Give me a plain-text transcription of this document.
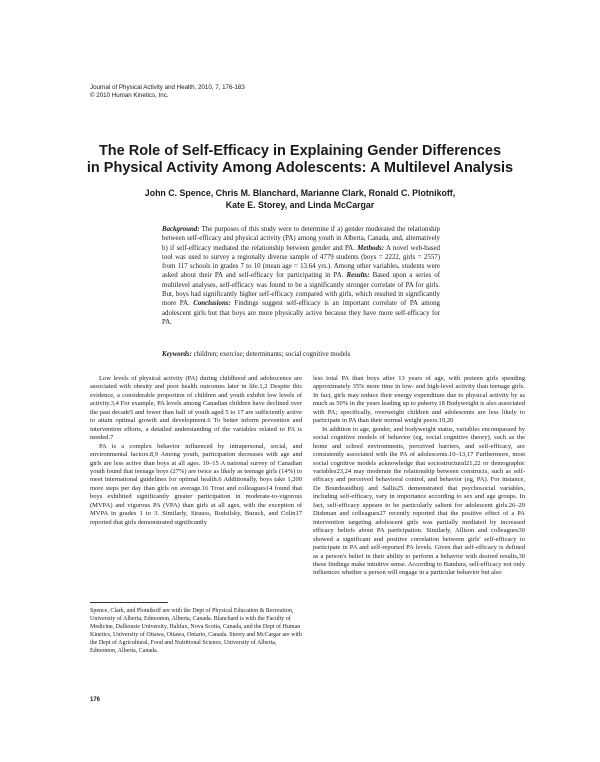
Journal of Physical Activity and Health, 2010, 7, 176-183
© 2010 Human Kinetics, Inc.
The Role of Self-Efficacy in Explaining Gender Differences
in Physical Activity Among Adolescents: A Multilevel Analysis
John C. Spence, Chris M. Blanchard, Marianne Clark, Ronald C. Plotnikoff,
Kate E. Storey, and Linda McCargar
Background: The purposes of this study were to determine if a) gender moderated the relationship between self-efficacy and physical activity (PA) among youth in Alberta, Canada, and, alternatively b) if self-efficacy mediated the relationship between gender and PA. Methods: A novel web-based tool was used to survey a regionally diverse sample of 4779 students (boys = 2222, girls = 2557) from 117 schools in grades 7 to 10 (mean age = 13.64 yrs.). Among other variables, students were asked about their PA and self-efficacy for participating in PA. Results: Based upon a series of multilevel analyses, self-efficacy was found to be a significantly stronger correlate of PA for girls. But, boys had significantly higher self-efficacy compared with girls, which resulted in significantly more PA. Conclusions: Findings suggest self-efficacy is an important correlate of PA among adolescent girls but that boys are more physically active because they have more self-efficacy for PA.
Keywords: children; exercise; determinants; social cognitive models

Low levels of physical activity (PA) during childhood and adolescence are associated with obesity and poor health outcomes later in life.1,2 Despite this evidence, a considerable proportion of children and youth exhibit low levels of activity.3,4 For example, PA levels among Canadian children have declined over the past decade5 and fewer than half of youth aged 5 to 17 are sufficiently active to attain optimal growth and development.6 To better inform prevention and intervention efforts, a detailed understanding of the variables related to PA is needed.7

PA is a complex behavior influenced by intrapersonal, social, and environmental factors.8,9 Among youth, participation decreases with age and girls are less active than boys at all ages. 10–15 A national survey of Canadian youth found that teenage boys (27%) are twice as likely as teenage girls (14%) to meet international guidelines for optimal health.6 Additionally, boys take 1,200 more steps per day than girls on average.16 Trost and colleagues14 found that boys exhibited significantly greater participation in moderate-to-vigorous (MVPA) and vigorous PA (VPA) than girls at all ages, with the exception of MVPA in grades 1 to 3. Similarly, Strauss, Rodsilsky, Burack, and Colin17 reported that girls demonstrated significantly

less total PA than boys after 13 years of age, with preteen girls spending approximately 35% more time in low- and high-level activity than teenage girls. In fact, girls may reduce their energy expenditure due to physical activity by as much as 50% in the years leading up to puberty.18 Bodyweight is also associated with PA; specifically, overweight children and adolescents are less likely to participate in PA than their normal weight peers.19,20

In addition to age, gender, and bodyweight status, variables encompassed by social cognitive models of behavior (eg, social cognitive theory), such as the home and school environments, perceived barriers, and self-efficacy, are consistently associated with the PA of adolescents.10–13,17 Furthermore, most social cognitive models acknowledge that sociostructural21,22 or demographic variables23,24 may moderate the relationship between constructs, such as self-efficacy and perceived behavioral control, and behavior (eg, PA). For instance, De Bourdeaudhuij and Sallis25 demonstrated that psychosocial variables, including self-efficacy, vary in importance according to sex and age groups. In fact, self-efficacy appears to be particularly salient for adolescent girls.26–29 Dishman and colleagues27 recently reported that the positive effect of a PA intervention targeting adolescent girls was partially mediated by increased efficacy beliefs about PA participation. Similarly, Allison and colleagues30 showed a significant and positive correlation between girls' self-efficacy to participate in PA and self-reported PA levels. Given that self-efficacy is defined as a person's belief in their ability to perform a behavior with desired results,30 these findings make intuitive sense. According to Bandura, self-efficacy not only influences whether a person will engage in a particular behavior but also

Spence, Clark, and Plotnikoff are with the Dept of Physical Education & Recreation, University of Alberta, Edmonton, Alberta, Canada. Blanchard is with the Faculty of Medicine, Dalhousie University, Halifax, Nova Scotia, Canada, and the Dept of Human Kinetics, University of Ottawa, Ottawa, Ontario, Canada. Storey and McCargar are with the Dept of Agricultural, Food and Nutritional Science, University of Alberta, Edmonton, Alberta, Canada.
176
